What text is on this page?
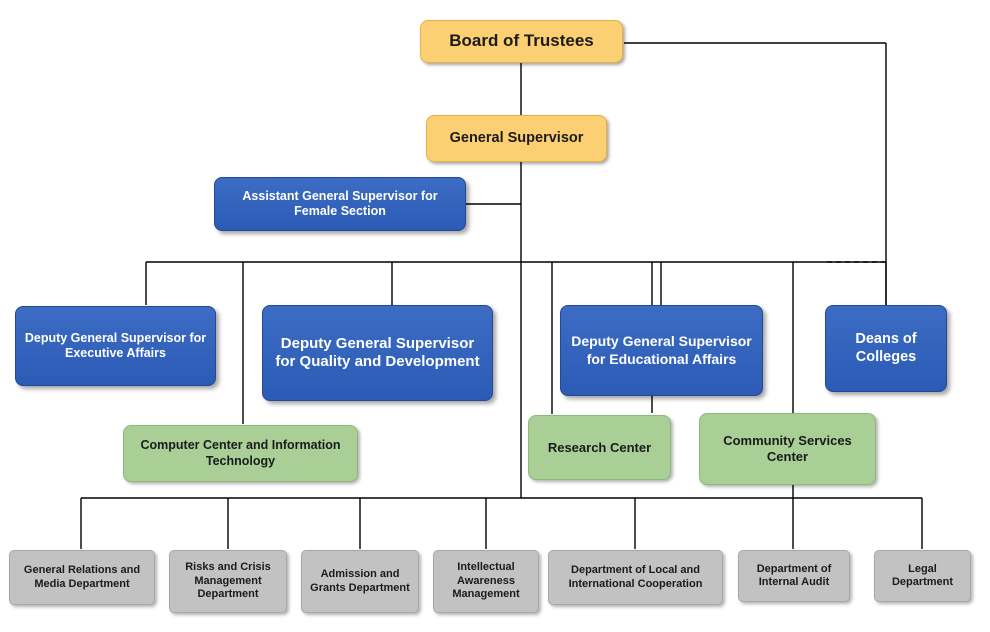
Board of Trustees
General Supervisor
Assistant General Supervisor for Female Section
Deputy General Supervisor for Executive Affairs
Deputy General Supervisor for Quality and Development
Deputy General Supervisor for Educational Affairs
Deans of Colleges
Computer Center and Information Technology
Research Center	Community Services Center
General Relations and Media Department
Risks and Crisis Management Department
Admission and Grants Department
Intellectual Awareness Management
Department of Local and International Cooperation
Department of Internal Audit
Legal Department
